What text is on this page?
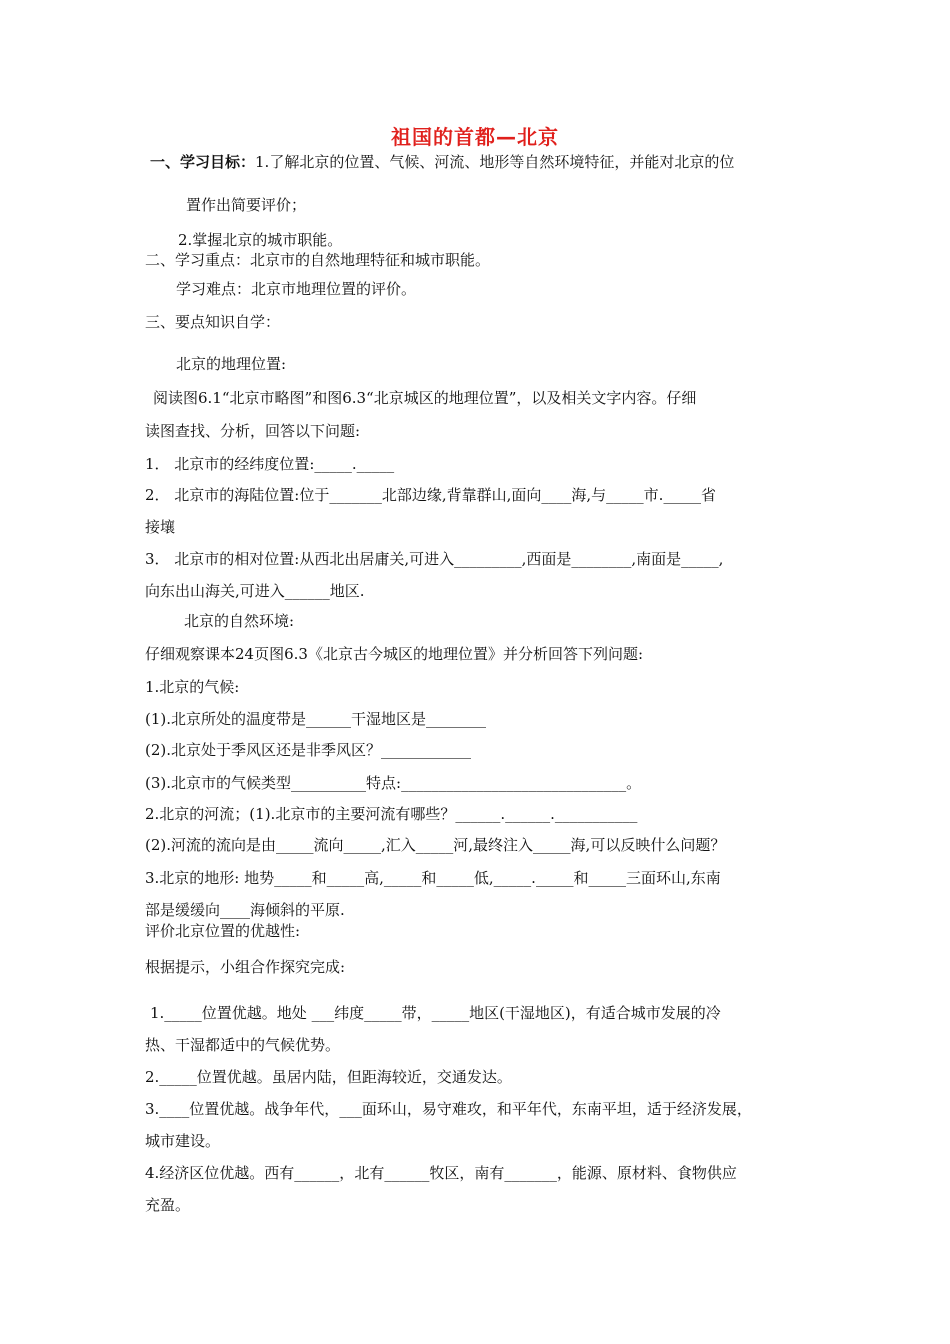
祖国的首都—北京
一、学习目标：1.了解北京的位置、气候、河流、地形等自然环境特征，并能对北京的位
置作出简要评价；
2.掌握北京的城市职能。
二、学习重点：北京市的自然地理特征和城市职能。
学习难点：北京市地理位置的评价。
三、要点知识自学：
北京的地理位置:
阅读图6.1“北京市略图”和图6.3“北京城区的地理位置”，以及相关文字内容。仔细
读图查找、分析，回答以下问题:
1． 北京市的经纬度位置:_____._____
2． 北京市的海陆位置:位于_______北部边缘,背靠群山,面向____海,与_____市._____省
接壤
3． 北京市的相对位置:从西北出居庸关,可进入_________,西面是________,南面是_____,
向东出山海关,可进入______地区.
北京的自然环境:
仔细观察课本24页图6.3《北京古今城区的地理位置》并分析回答下列问题:
1.北京的气候:
(1).北京所处的温度带是______干湿地区是________
(2).北京处于季风区还是非季风区？____________
(3).北京市的气候类型__________特点:______________________________。
2.北京的河流；(1).北京市的主要河流有哪些？______.______.___________
(2).河流的流向是由_____流向_____,汇入_____河,最终注入_____海,可以反映什么问题？
3.北京的地形: 地势_____和_____高,_____和_____低,_____._____和_____三面环山,东南
部是缓缓向____海倾斜的平原.
评价北京位置的优越性:
根据提示，小组合作探究完成:
1._____位置优越。地处 ___纬度_____带，_____地区(干湿地区)，有适合城市发展的冷
热、干湿都适中的气候优势。
2._____位置优越。虽居内陆，但距海较近，交通发达。
3.____位置优越。战争年代，___面环山，易守难攻，和平年代，东南平坦，适于经济发展，
城市建设。
4.经济区位优越。西有______，北有______牧区，南有_______，能源、原材料、食物供应
充盈。
